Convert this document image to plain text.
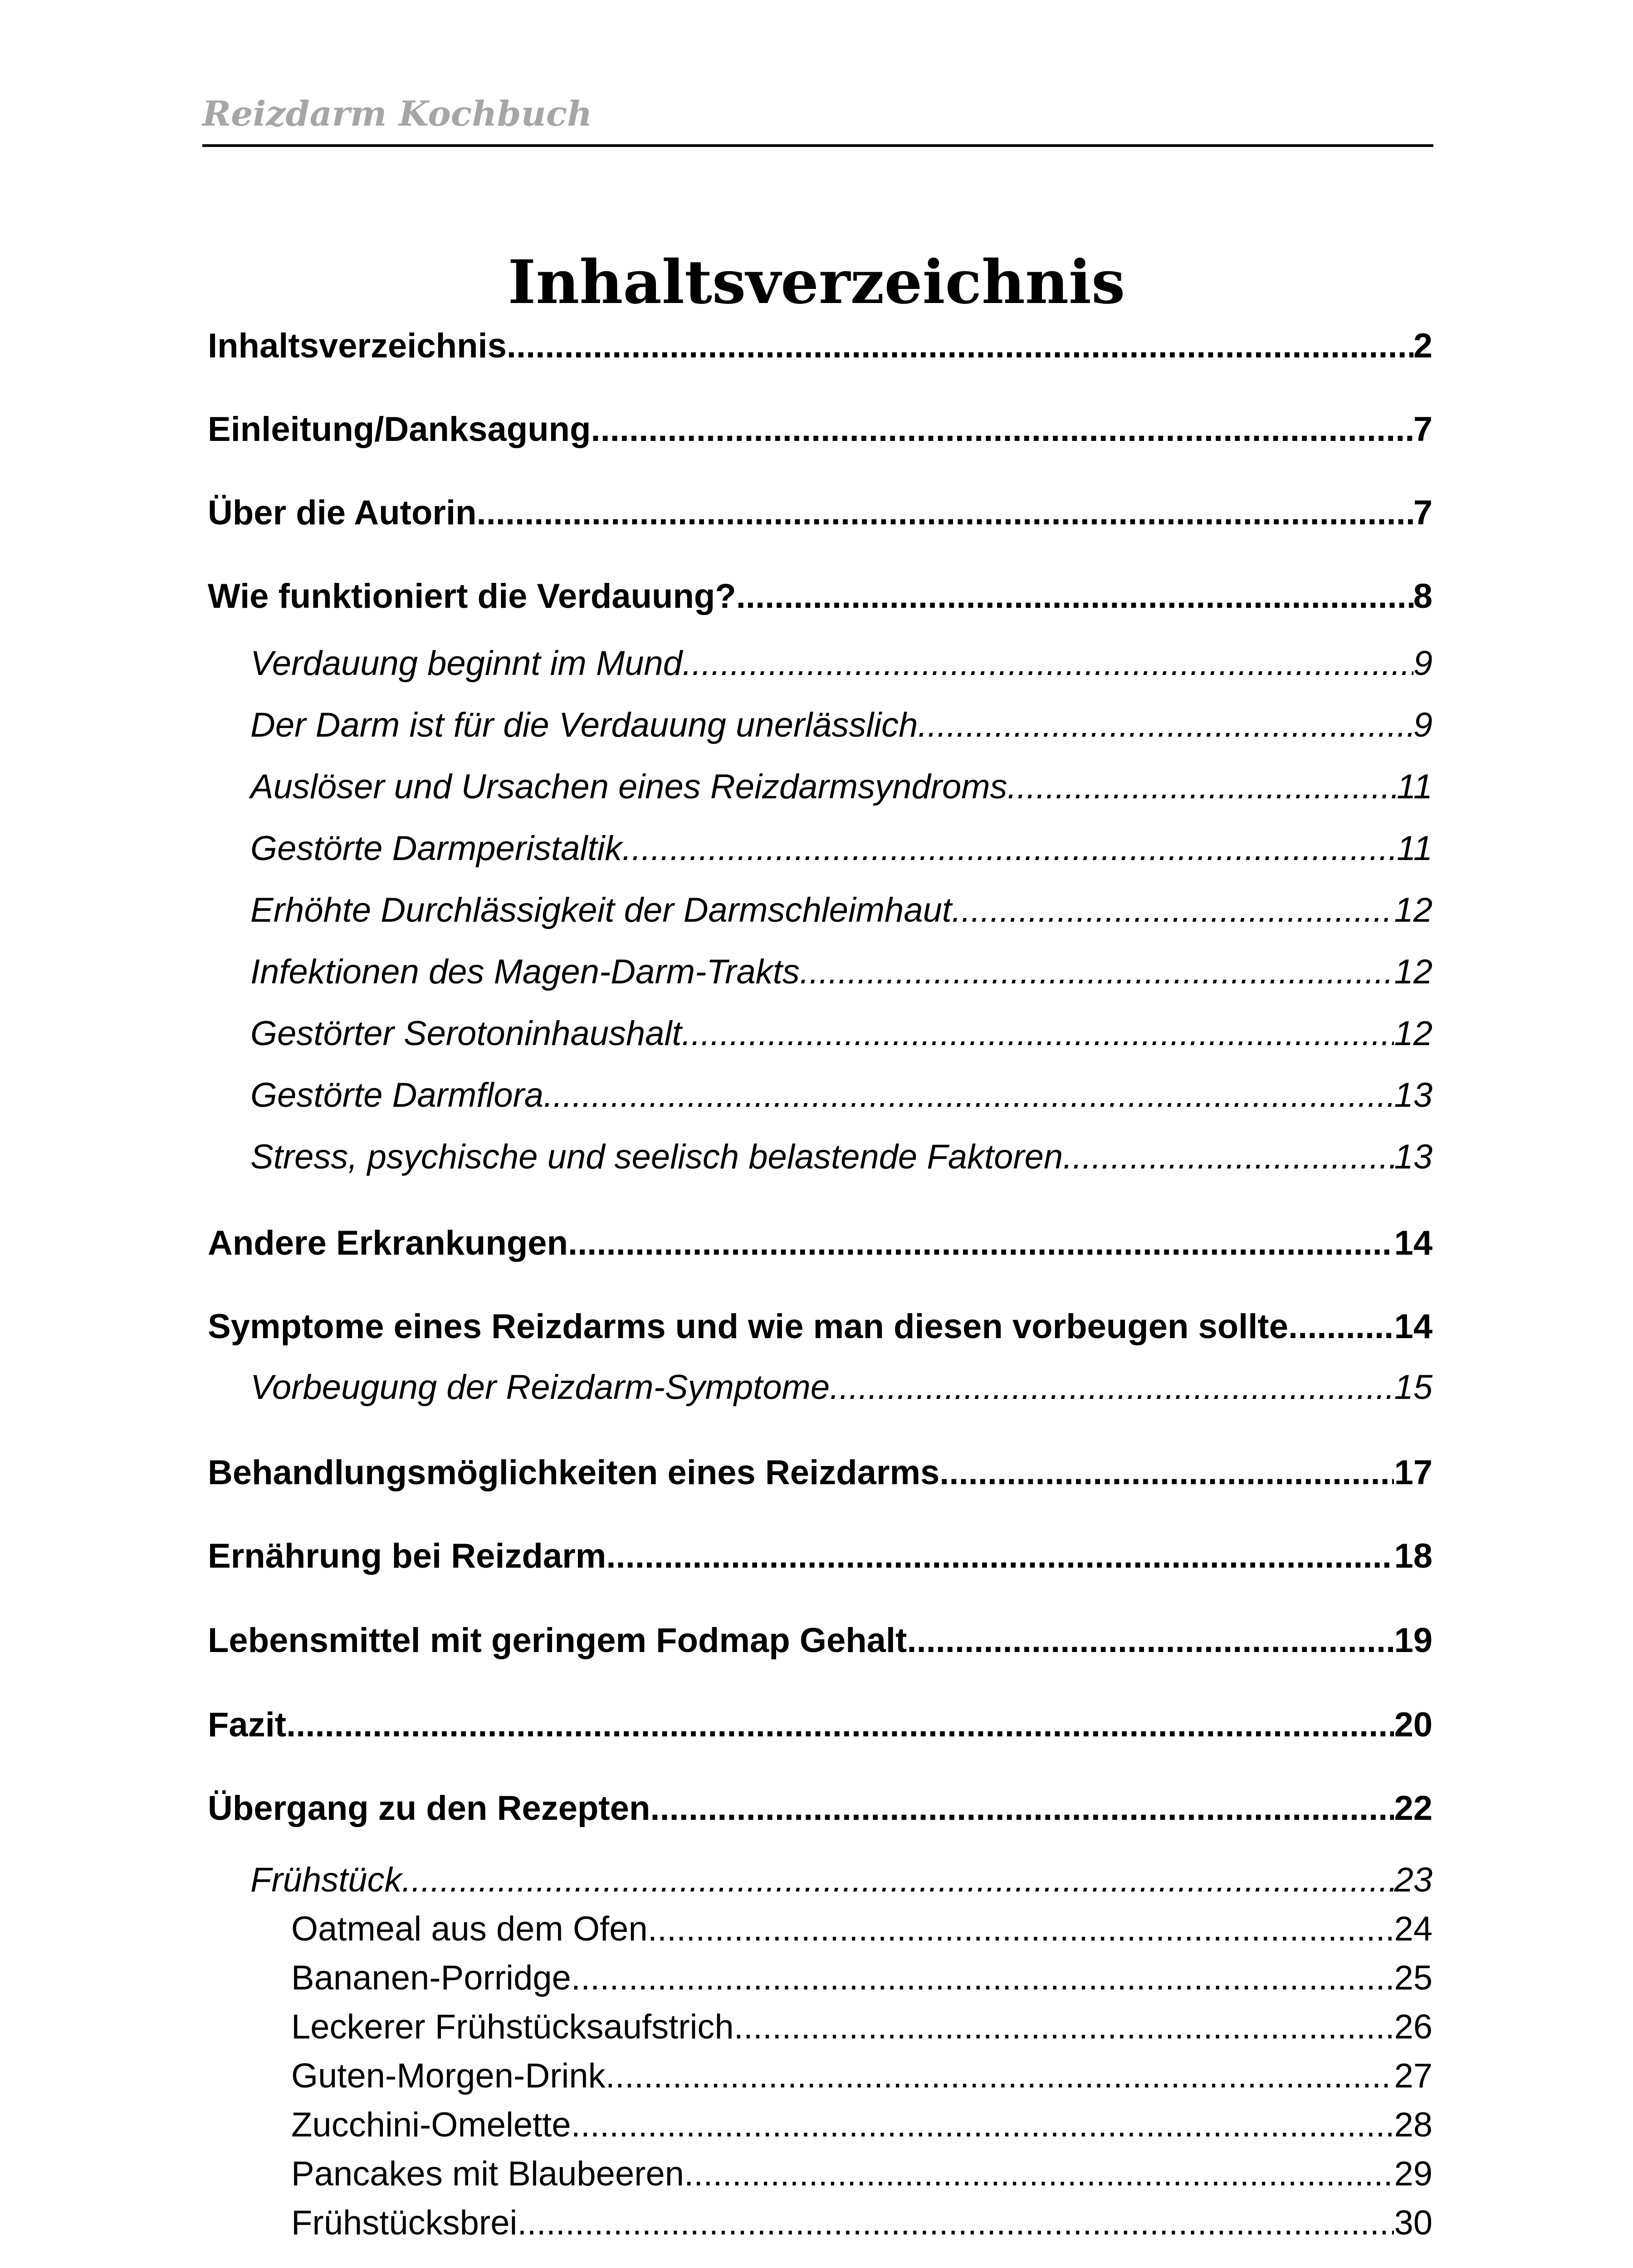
Reizdarm Kochbuch
Inhaltsverzeichnis
Inhaltsverzeichnis .....	2
Einleitung/Danksagung .....	7
Über die Autorin .....	7
Wie funktioniert die Verdauung? .....	8
Verdauung beginnt im Mund .....	9
Der Darm ist für die Verdauung unerlässlich .....	9
Auslöser und Ursachen eines Reizdarmsyndroms .....	11
Gestörte Darmperistaltik .....	11
Erhöhte Durchlässigkeit der Darmschleimhaut .....	12
Infektionen des Magen-Darm-Trakts .....	12
Gestörter Serotoninhaushalt .....	12
Gestörte Darmflora .....	13
Stress, psychische und seelisch belastende Faktoren .....	13
Andere Erkrankungen .....	14
Symptome eines Reizdarms und wie man diesen vorbeugen sollte .....	14
Vorbeugung der Reizdarm-Symptome .....	15
Behandlungsmöglichkeiten eines Reizdarms .....	17
Ernährung bei Reizdarm .....	18
Lebensmittel mit geringem Fodmap Gehalt .....	19
Fazit .....	20
Übergang zu den Rezepten .....	22
Frühstück .....	23
Oatmeal aus dem Ofen .....	24
Bananen-Porridge .....	25
Leckerer Frühstücksaufstrich .....	26
Guten-Morgen-Drink .....	27
Zucchini-Omelette .....	28
Pancakes mit Blaubeeren .....	29
Frühstücksbrei .....	30
